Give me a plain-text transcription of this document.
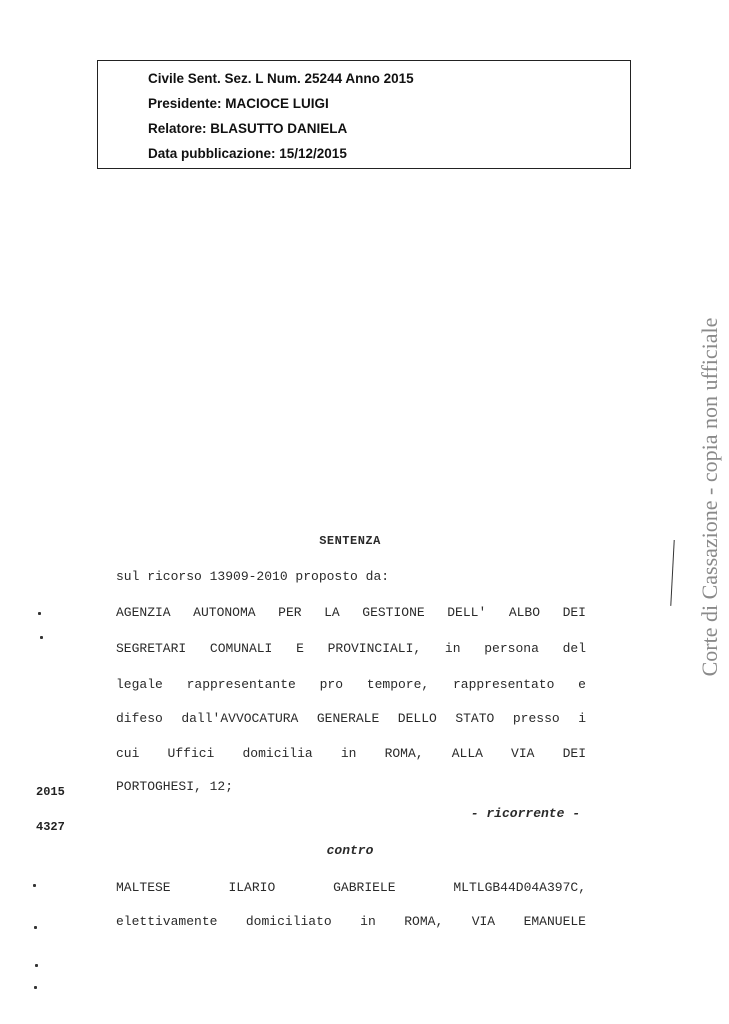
Civile Sent. Sez. L Num. 25244 Anno 2015
Presidente: MACIOCE LUIGI
Relatore: BLASUTTO DANIELA
Data pubblicazione: 15/12/2015
Corte di Cassazione - copia non ufficiale
SENTENZA
sul ricorso 13909-2010 proposto da:
AGENZIA AUTONOMA PER LA GESTIONE DELL' ALBO DEI
SEGRETARI COMUNALI E PROVINCIALI, in persona del
legale rappresentante pro tempore, rappresentato e
difeso dall'AVVOCATURA GENERALE DELLO STATO presso i
cui Uffici domicilia in ROMA, ALLA VIA DEI
PORTOGHESI, 12;
- ricorrente -
contro
MALTESE ILARIO GABRIELE MLTLGB44D04A397C,
elettivamente domiciliato in ROMA, VIA EMANUELE
2015
4327
